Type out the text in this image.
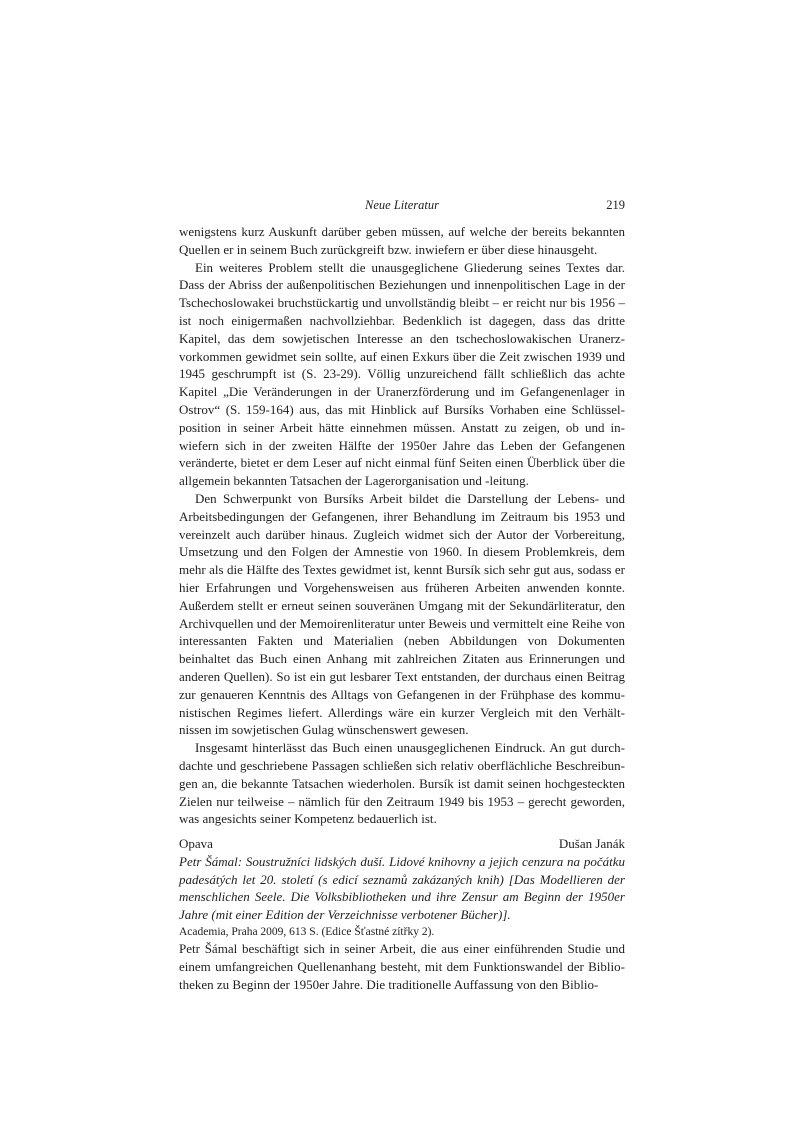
Neue Literatur	219

wenigstens kurz Auskunft darüber geben müssen, auf welche der bereits bekannten Quellen er in seinem Buch zurückgreift bzw. inwiefern er über diese hinausgeht.

Ein weiteres Problem stellt die unausgeglichene Gliederung seines Textes dar. Dass der Abriss der außenpolitischen Beziehungen und innenpolitischen Lage in der Tschechoslowakei bruchstückartig und unvollständig bleibt – er reicht nur bis 1956 – ist noch einigermaßen nachvollziehbar. Bedenklich ist dagegen, dass das dritte Kapitel, das dem sowjetischen Interesse an den tschechoslowakischen Uranerzvorkommen gewidmet sein sollte, auf einen Exkurs über die Zeit zwischen 1939 und 1945 geschrumpft ist (S. 23-29). Völlig unzureichend fällt schließlich das achte Kapitel „Die Veränderungen in der Uranerzförderung und im Gefangenenlager in Ostrov“ (S. 159-164) aus, das mit Hinblick auf Bursíks Vorhaben eine Schlüsselposition in seiner Arbeit hätte einnehmen müssen. Anstatt zu zeigen, ob und inwiefern sich in der zweiten Hälfte der 1950er Jahre das Leben der Gefangenen veränderte, bietet er dem Leser auf nicht einmal fünf Seiten einen Überblick über die allgemein bekannten Tatsachen der Lagerorganisation und -leitung.

Den Schwerpunkt von Bursíks Arbeit bildet die Darstellung der Lebens- und Arbeitsbedingungen der Gefangenen, ihrer Behandlung im Zeitraum bis 1953 und vereinzelt auch darüber hinaus. Zugleich widmet sich der Autor der Vorbereitung, Umsetzung und den Folgen der Amnestie von 1960. In diesem Problemkreis, dem mehr als die Hälfte des Textes gewidmet ist, kennt Bursík sich sehr gut aus, sodass er hier Erfahrungen und Vorgehensweisen aus früheren Arbeiten anwenden konnte. Außerdem stellt er erneut seinen souveränen Umgang mit der Sekundärliteratur, den Archivquellen und der Memoirenliteratur unter Beweis und vermittelt eine Reihe von interessanten Fakten und Materialien (neben Abbildungen von Dokumenten beinhaltet das Buch einen Anhang mit zahlreichen Zitaten aus Erinnerungen und anderen Quellen). So ist ein gut lesbarer Text entstanden, der durchaus einen Beitrag zur genaueren Kenntnis des Alltags von Gefangenen in der Frühphase des kommunistischen Regimes liefert. Allerdings wäre ein kurzer Vergleich mit den Verhältnissen im sowjetischen Gulag wünschenswert gewesen.

Insgesamt hinterlässt das Buch einen unausgeglichenen Eindruck. An gut durchdachte und geschriebene Passagen schließen sich relativ oberflächliche Beschreibungen an, die bekannte Tatsachen wiederholen. Bursík ist damit seinen hochgesteckten Zielen nur teilweise – nämlich für den Zeitraum 1949 bis 1953 – gerecht geworden, was angesichts seiner Kompetenz bedauerlich ist.

Opava	Dušan Janák

Petr Šámal: Soustružníci lidských duší. Lidové knihovny a jejich cenzura na počátku padesátých let 20. století (s edicí seznamů zakázaných knih) [Das Modellieren der menschlichen Seele. Die Volksbibliotheken und ihre Zensur am Beginn der 1950er Jahre (mit einer Edition der Verzeichnisse verbotener Bücher)].

Academia, Praha 2009, 613 S. (Edice Šťastné zítřky 2).

Petr Šámal beschäftigt sich in seiner Arbeit, die aus einer einführenden Studie und einem umfangreichen Quellenanhang besteht, mit dem Funktionswandel der Bibliotheken zu Beginn der 1950er Jahre. Die traditionelle Auffassung von den Biblio-
